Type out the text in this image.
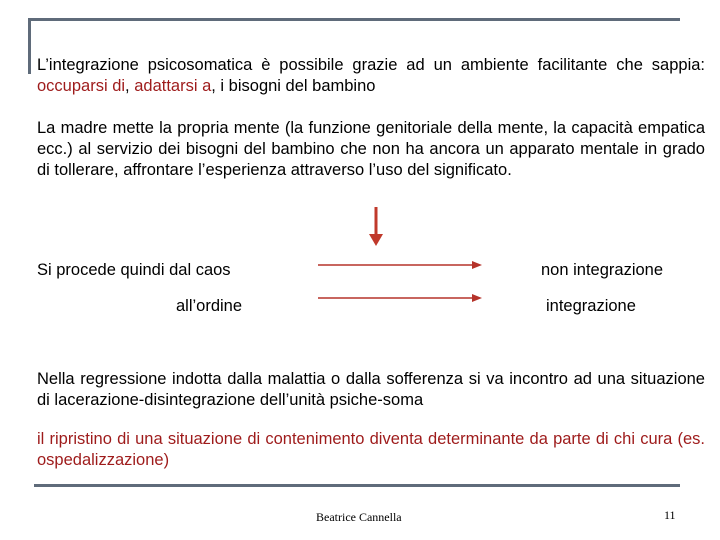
L’integrazione psicosomatica è possibile grazie ad un ambiente facilitante che sappia: occuparsi di, adattarsi a, i bisogni del bambino
La madre mette la propria mente (la funzione genitoriale della mente, la capacità empatica ecc.) al servizio dei bisogni del bambino che non ha ancora un apparato mentale in grado di tollerare, affrontare l’esperienza attraverso l’uso del significato.
Si procede quindi dal caos	non integrazione
all’ordine	integrazione
Nella regressione indotta dalla malattia o dalla sofferenza si va incontro ad una situazione di lacerazione-disintegrazione dell’unità psiche-soma
il ripristino di una situazione di contenimento diventa determinante da parte di chi cura (es. ospedalizzazione)
Beatrice Cannella	11
